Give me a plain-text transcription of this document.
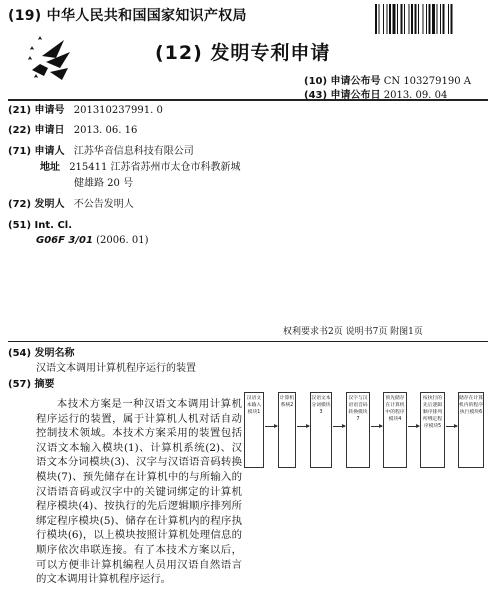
(19) 中华人民共和国国家知识产权局
(12) 发明专利申请
(10) 申请公布号 CN 103279190 A
(43) 申请公布日 2013. 09. 04
(21) 申请号 201310237991. 0
(22) 申请日 2013. 06. 16
(71) 申请人 江苏华音信息科技有限公司
地址 215411 江苏省苏州市太仓市科教新城
健雄路 20 号
(72) 发明人 不公告发明人
(51) Int. Cl.
G06F 3/01 (2006. 01)
权利要求书2页 说明书7页 附图1页
(54) 发明名称
汉语文本调用计算机程序运行的装置
(57) 摘要
本技术方案是一种汉语文本调用计算机程序运行的装置，属于计算机人机对话自动控制技术领域。本技术方案采用的装置包括汉语文本输入模块(1)、计算机系统(2)、汉语文本分词模块(3)、汉字与汉语语音码转换模块(7)、预先储存在计算机中的与所输入的汉语语音码或汉字中的关键词绑定的计算机程序模块(4)、按执行的先后逻辑顺序排列所绑定程序模块(5)、储存在计算机内的程序执行模块(6)，以上模块按照计算机处理信息的顺序依次串联连接。有了本技术方案以后，可以方便非计算机编程人员用汉语自然语言的文本调用计算机程序运行。
汉语文本输入模块1
计算机系统2
汉语文本分词模块3
汉字与汉语语音码转换模块7
预先储存在计算机中的程序模块4
按执行的先后逻辑顺序排列所绑定程序模块5
储存在计算机内的程序执行模块6
